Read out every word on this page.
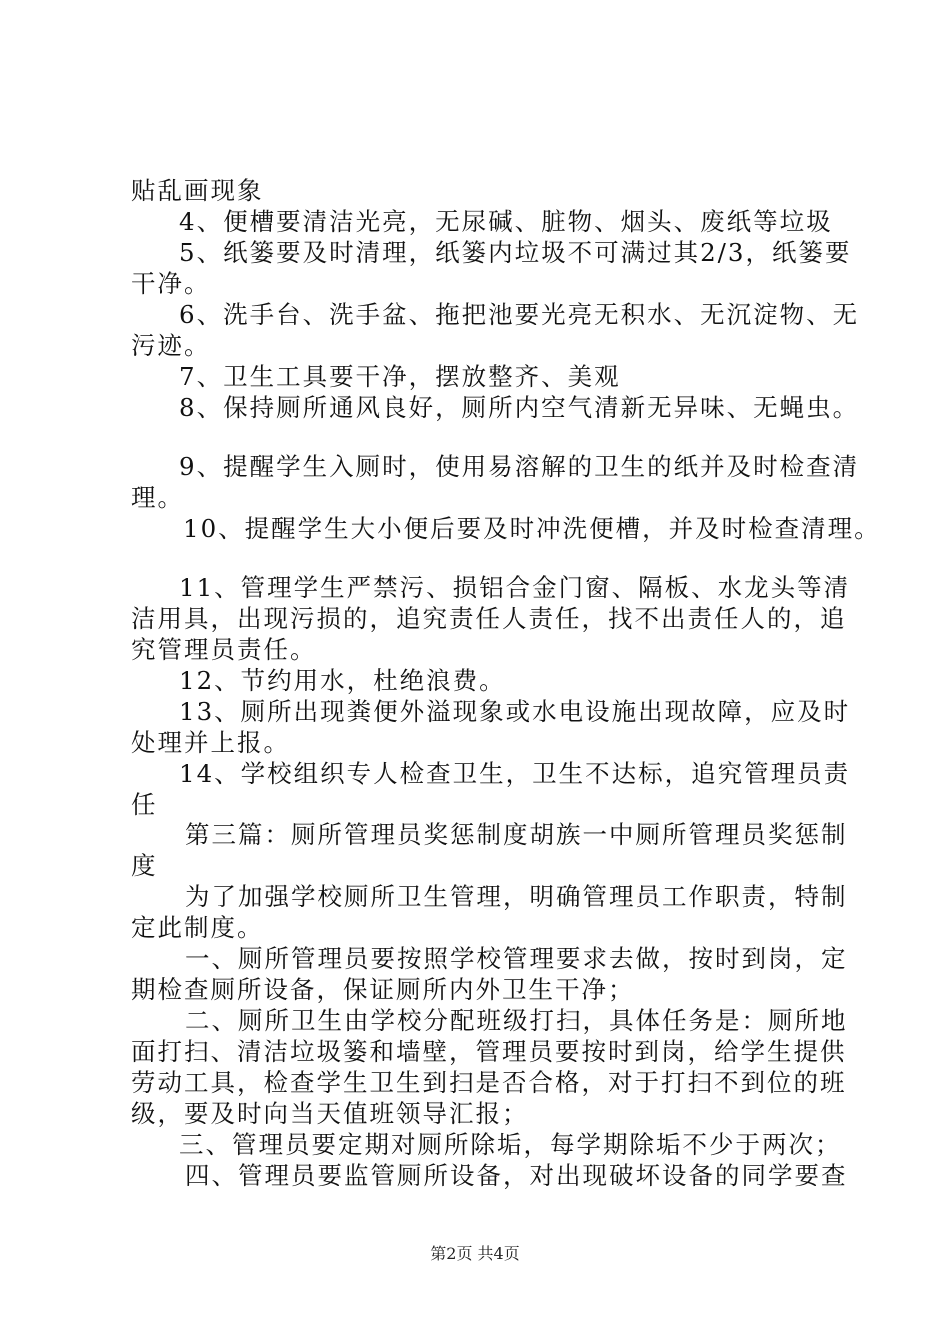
贴乱画现象
4、便槽要清洁光亮，无尿碱、脏物、烟头、废纸等垃圾
5、纸篓要及时清理，纸篓内垃圾不可满过其2/3，纸篓要
干净。
6、洗手台、洗手盆、拖把池要光亮无积水、无沉淀物、无
污迹。
7、卫生工具要干净，摆放整齐、美观
8、保持厕所通风良好，厕所内空气清新无异味、无蝇虫。
9、提醒学生入厕时，使用易溶解的卫生的纸并及时检查清
理。
10、提醒学生大小便后要及时冲洗便槽，并及时检查清理。
11、管理学生严禁污、损铝合金门窗、隔板、水龙头等清
洁用具，出现污损的，追究责任人责任，找不出责任人的，追
究管理员责任。
12、节约用水，杜绝浪费。
13、厕所出现粪便外溢现象或水电设施出现故障，应及时
处理并上报。
14、学校组织专人检查卫生，卫生不达标，追究管理员责
任
第三篇：厕所管理员奖惩制度胡族一中厕所管理员奖惩制
度
为了加强学校厕所卫生管理，明确管理员工作职责，特制
定此制度。
一、厕所管理员要按照学校管理要求去做，按时到岗，定
期检查厕所设备，保证厕所内外卫生干净；
二、厕所卫生由学校分配班级打扫，具体任务是：厕所地
面打扫、清洁垃圾篓和墙壁，管理员要按时到岗，给学生提供
劳动工具，检查学生卫生到扫是否合格，对于打扫不到位的班
级，要及时向当天值班领导汇报；
三、管理员要定期对厕所除垢，每学期除垢不少于两次；
四、管理员要监管厕所设备，对出现破坏设备的同学要查
第2页 共4页
